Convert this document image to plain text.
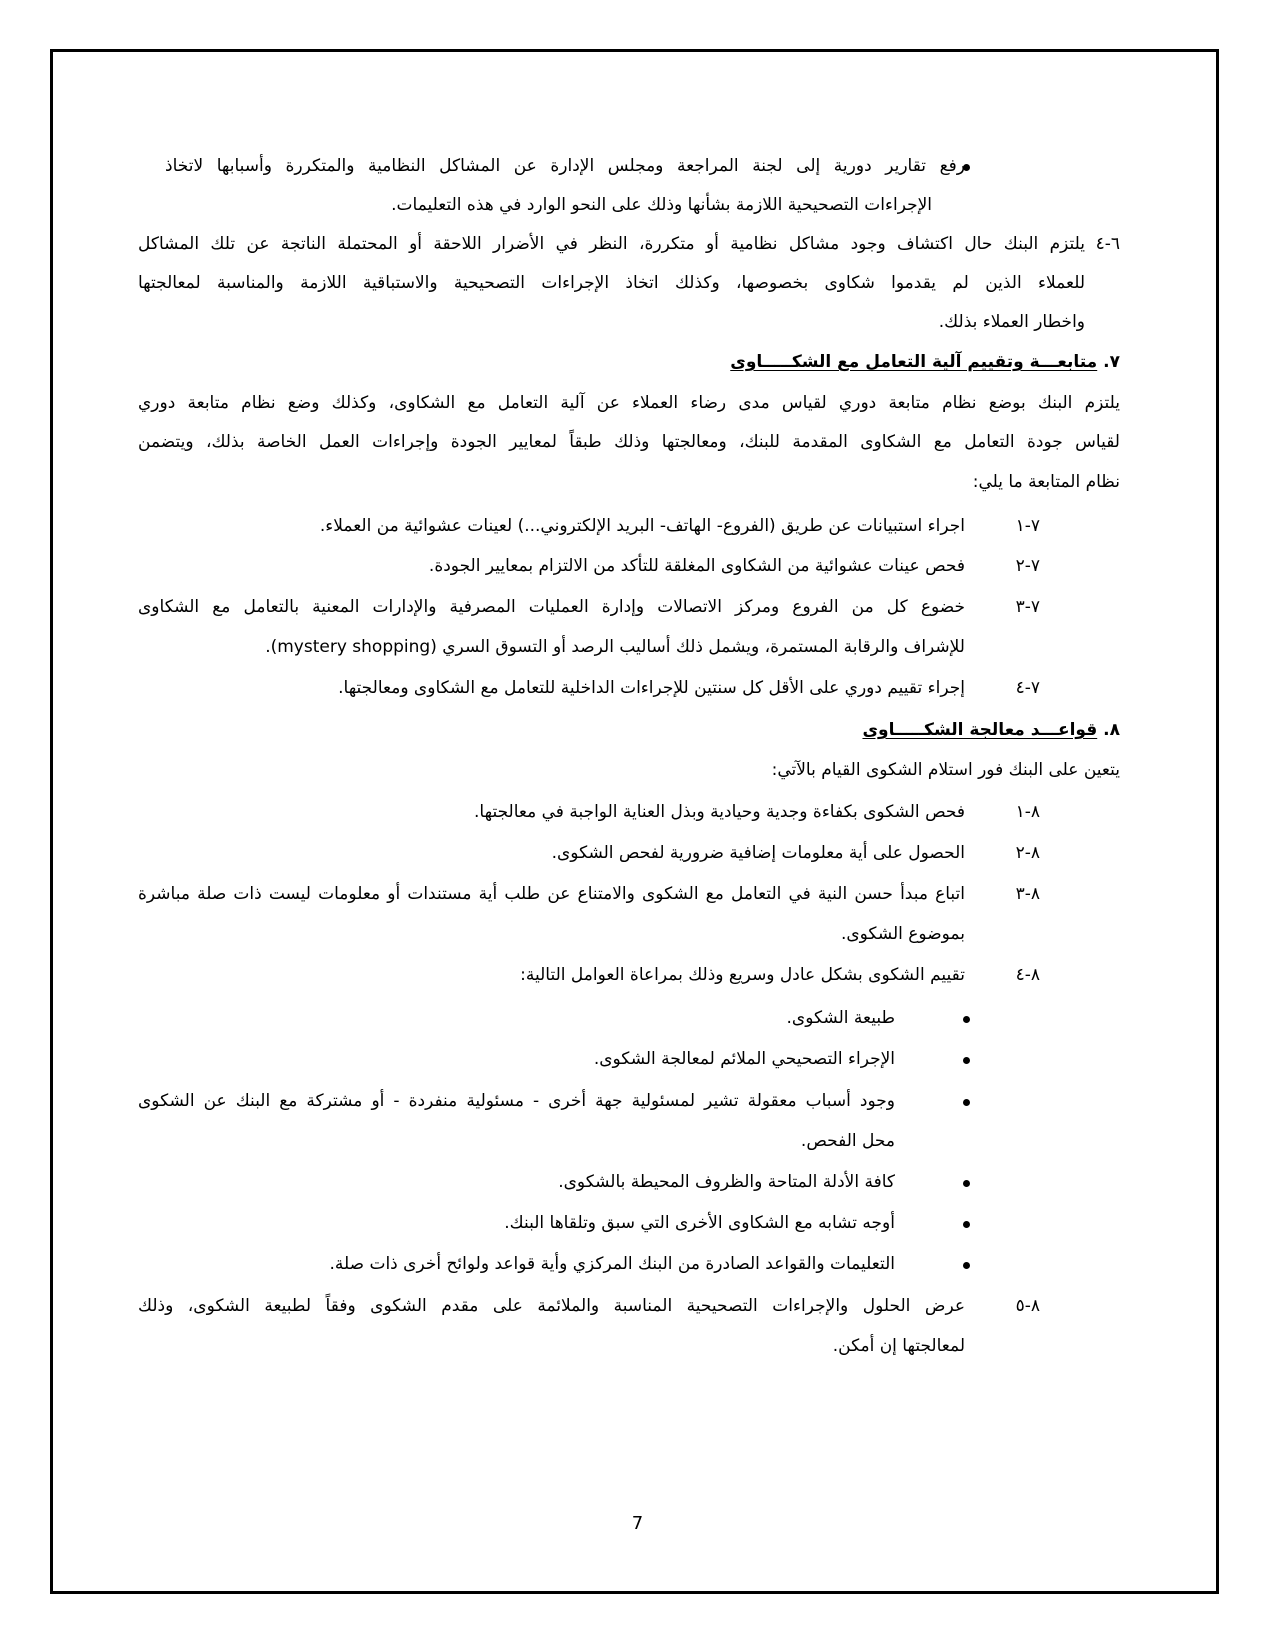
رفع تقارير دورية إلى لجنة المراجعة ومجلس الإدارة عن المشاكل النظامية والمتكررة وأسبابها لاتخاذ
الإجراءات التصحيحية اللازمة بشأنها وذلك على النحو الوارد في هذه التعليمات.
٦-٤
يلتزم البنك حال اكتشاف وجود مشاكل نظامية أو متكررة، النظر في الأضرار اللاحقة أو المحتملة الناتجة عن تلك المشاكل
للعملاء الذين لم يقدموا شكاوى بخصوصها، وكذلك اتخاذ الإجراءات التصحيحية والاستباقية اللازمة والمناسبة لمعالجتها
واخطار العملاء بذلك.
٧. متابعـــة وتقييم آلية التعامل مع الشكـــــاوى
يلتزم البنك بوضع نظام متابعة دوري لقياس مدى رضاء العملاء عن آلية التعامل مع الشكاوى، وكذلك وضع نظام متابعة دوري
لقياس جودة التعامل مع الشكاوى المقدمة للبنك، ومعالجتها وذلك طبقاً لمعايير الجودة وإجراءات العمل الخاصة بذلك، ويتضمن
نظام المتابعة ما يلي:
٧-١
اجراء استبيانات عن طريق (الفروع- الهاتف- البريد الإلكتروني...) لعينات عشوائية من العملاء.
٧-٢
فحص عينات عشوائية من الشكاوى المغلقة للتأكد من الالتزام بمعايير الجودة.
٧-٣
خضوع كل من الفروع ومركز الاتصالات وإدارة العمليات المصرفية والإدارات المعنية بالتعامل مع الشكاوى
للإشراف والرقابة المستمرة، ويشمل ذلك أساليب الرصد أو التسوق السري (mystery shopping).
٧-٤
إجراء تقييم دوري على الأقل كل سنتين للإجراءات الداخلية للتعامل مع الشكاوى ومعالجتها.
٨. قواعـــد معالجة الشكـــــاوى
يتعين على البنك فور استلام الشكوى القيام بالآتي:
٨-١
فحص الشكوى بكفاءة وجدية وحيادية وبذل العناية الواجبة في معالجتها.
٨-٢
الحصول على أية معلومات إضافية ضرورية لفحص الشكوى.
٨-٣
اتباع مبدأ حسن النية في التعامل مع الشكوى والامتناع عن طلب أية مستندات أو معلومات ليست ذات صلة مباشرة
بموضوع الشكوى.
٨-٤
تقييم الشكوى بشكل عادل وسريع وذلك بمراعاة العوامل التالية:
طبيعة الشكوى.
الإجراء التصحيحي الملائم لمعالجة الشكوى.
وجود أسباب معقولة تشير لمسئولية جهة أخرى - مسئولية منفردة - أو مشتركة مع البنك عن الشكوى
محل الفحص.
كافة الأدلة المتاحة والظروف المحيطة بالشكوى.
أوجه تشابه مع الشكاوى الأخرى التي سبق وتلقاها البنك.
التعليمات والقواعد الصادرة من البنك المركزي وأية قواعد ولوائح أخرى ذات صلة.
٨-٥
عرض الحلول والإجراءات التصحيحية المناسبة والملائمة على مقدم الشكوى وفقاً لطبيعة الشكوى، وذلك
لمعالجتها إن أمكن.
7
